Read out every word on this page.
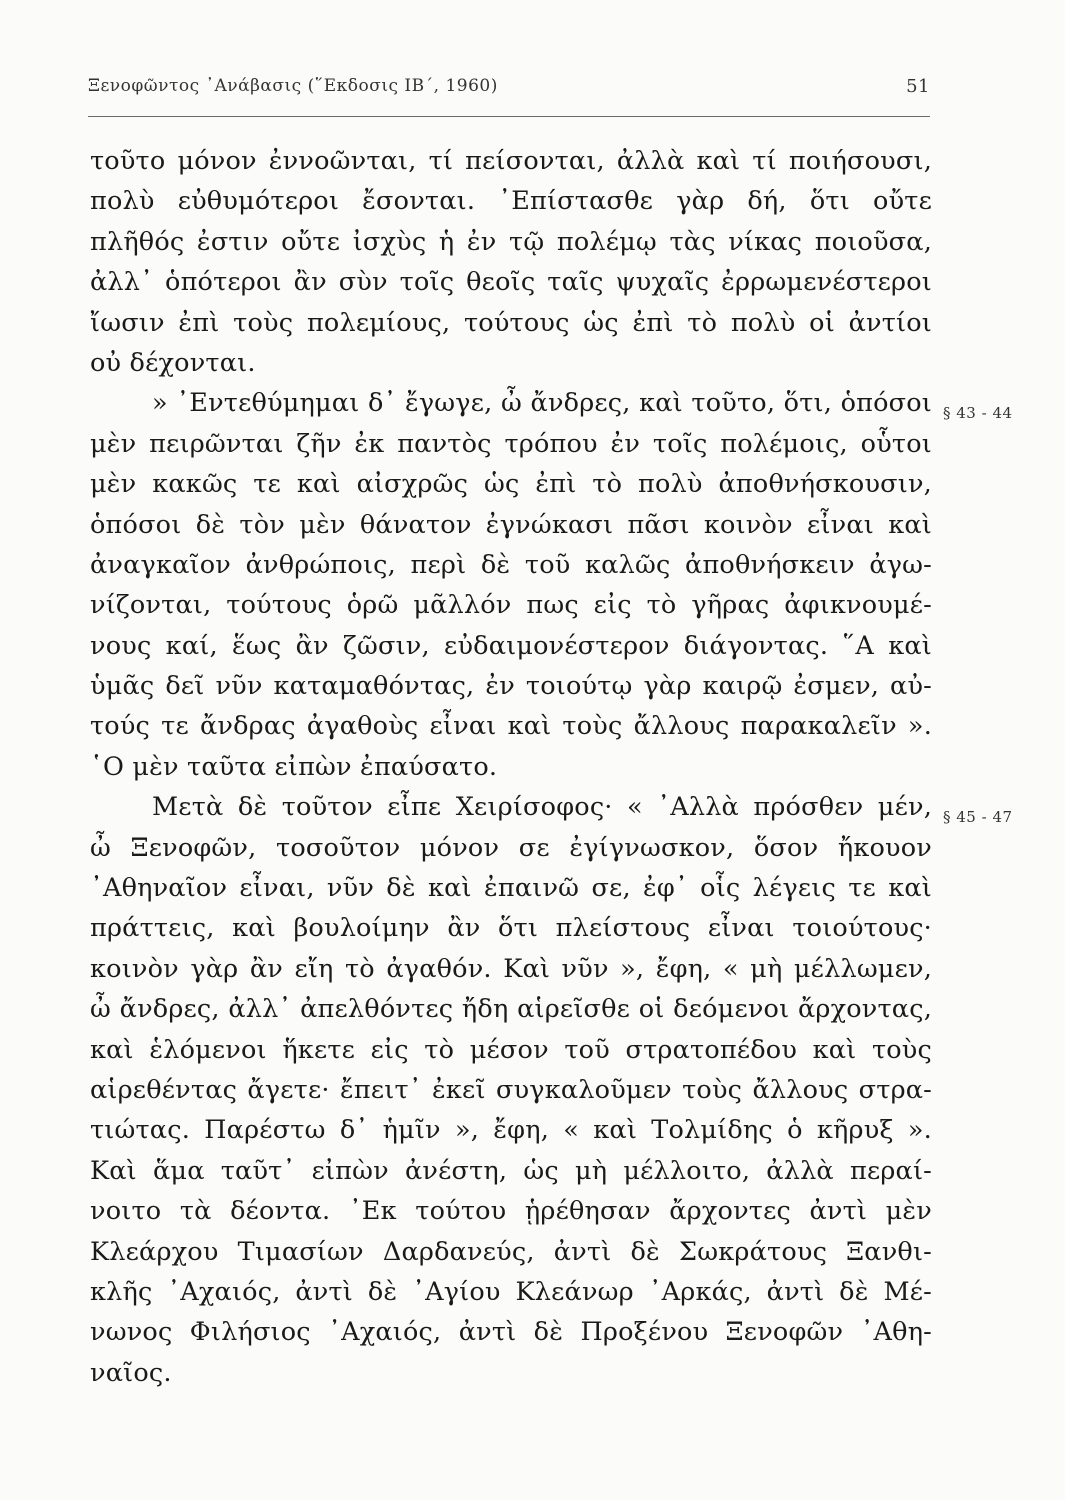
Ξενοφῶντος ᾿Ανάβασις (῞Εκδοσις ΙΒ΄, 1960)	51
τοῦτο μόνον ἐννοῶνται, τί πείσονται, ἀλλὰ καὶ τί ποιήσουσι,
πολὺ εὐθυμότεροι ἔσονται. ᾿Επίστασθε γὰρ δή, ὅτι οὔτε
πλῆθός ἐστιν οὔτε ἰσχὺς ἡ ἐν τῷ πολέμῳ τὰς νίκας ποιοῦσα,
ἀλλ᾿ ὁπότεροι ἂν σὺν τοῖς θεοῖς ταῖς ψυχαῖς ἐρρωμενέστεροι
ἴωσιν ἐπὶ τοὺς πολεμίους, τούτους ὡς ἐπὶ τὸ πολὺ οἱ ἀντίοι
οὐ δέχονται.
» ᾿Εντεθύμημαι δ᾿ ἔγωγε, ὦ ἄνδρες, καὶ τοῦτο, ὅτι, ὁπόσοι
μὲν πειρῶνται ζῆν ἐκ παντὸς τρόπου ἐν τοῖς πολέμοις, οὗτοι
μὲν κακῶς τε καὶ αἰσχρῶς ὡς ἐπὶ τὸ πολὺ ἀποθνήσκουσιν,
ὁπόσοι δὲ τὸν μὲν θάνατον ἐγνώκασι πᾶσι κοινὸν εἶναι καὶ
ἀναγκαῖον ἀνθρώποις, περὶ δὲ τοῦ καλῶς ἀποθνήσκειν ἀγω-
νίζονται, τούτους ὁρῶ μᾶλλόν πως εἰς τὸ γῆρας ἀφικνουμέ-
νους καί, ἕως ἂν ζῶσιν, εὐδαιμονέστερον διάγοντας. ῞Α καὶ
ὑμᾶς δεῖ νῦν καταμαθόντας, ἐν τοιούτῳ γὰρ καιρῷ ἐσμεν, αὐ-
τούς τε ἄνδρας ἀγαθοὺς εἶναι καὶ τοὺς ἄλλους παρακαλεῖν ».
῾Ο μὲν ταῦτα εἰπὼν ἐπαύσατο.
Μετὰ δὲ τοῦτον εἶπε Χειρίσοφος· « ᾿Αλλὰ πρόσθεν μέν,
ὦ Ξενοφῶν, τοσοῦτον μόνον σε ἐγίγνωσκον, ὅσον ἤκουον
᾿Αθηναῖον εἶναι, νῦν δὲ καὶ ἐπαινῶ σε, ἐφ᾿ οἷς λέγεις τε καὶ
πράττεις, καὶ βουλοίμην ἂν ὅτι πλείστους εἶναι τοιούτους·
κοινὸν γὰρ ἂν εἴη τὸ ἀγαθόν. Καὶ νῦν », ἔφη, « μὴ μέλλωμεν,
ὦ ἄνδρες, ἀλλ᾿ ἀπελθόντες ἤδη αἱρεῖσθε οἱ δεόμενοι ἄρχοντας,
καὶ ἑλόμενοι ἥκετε εἰς τὸ μέσον τοῦ στρατοπέδου καὶ τοὺς
αἱρεθέντας ἄγετε· ἔπειτ᾿ ἐκεῖ συγκαλοῦμεν τοὺς ἄλλους στρα-
τιώτας. Παρέστω δ᾿ ἡμῖν », ἔφη, « καὶ Τολμίδης ὁ κῆρυξ ».
Καὶ ἅμα ταῦτ᾿ εἰπὼν ἀνέστη, ὡς μὴ μέλλοιτο, ἀλλὰ περαί-
νοιτο τὰ δέοντα. ᾿Εκ τούτου ᾑρέθησαν ἄρχοντες ἀντὶ μὲν
Κλεάρχου Τιμασίων Δαρδανεύς, ἀντὶ δὲ Σωκράτους Ξανθι-
κλῆς ᾿Αχαιός, ἀντὶ δὲ ᾿Αγίου Κλεάνωρ ᾿Αρκάς, ἀντὶ δὲ Μέ-
νωνος Φιλήσιος ᾿Αχαιός, ἀντὶ δὲ Προξένου Ξενοφῶν ᾿Αθη-
ναῖος.
§ 43 - 44
§ 45 - 47
